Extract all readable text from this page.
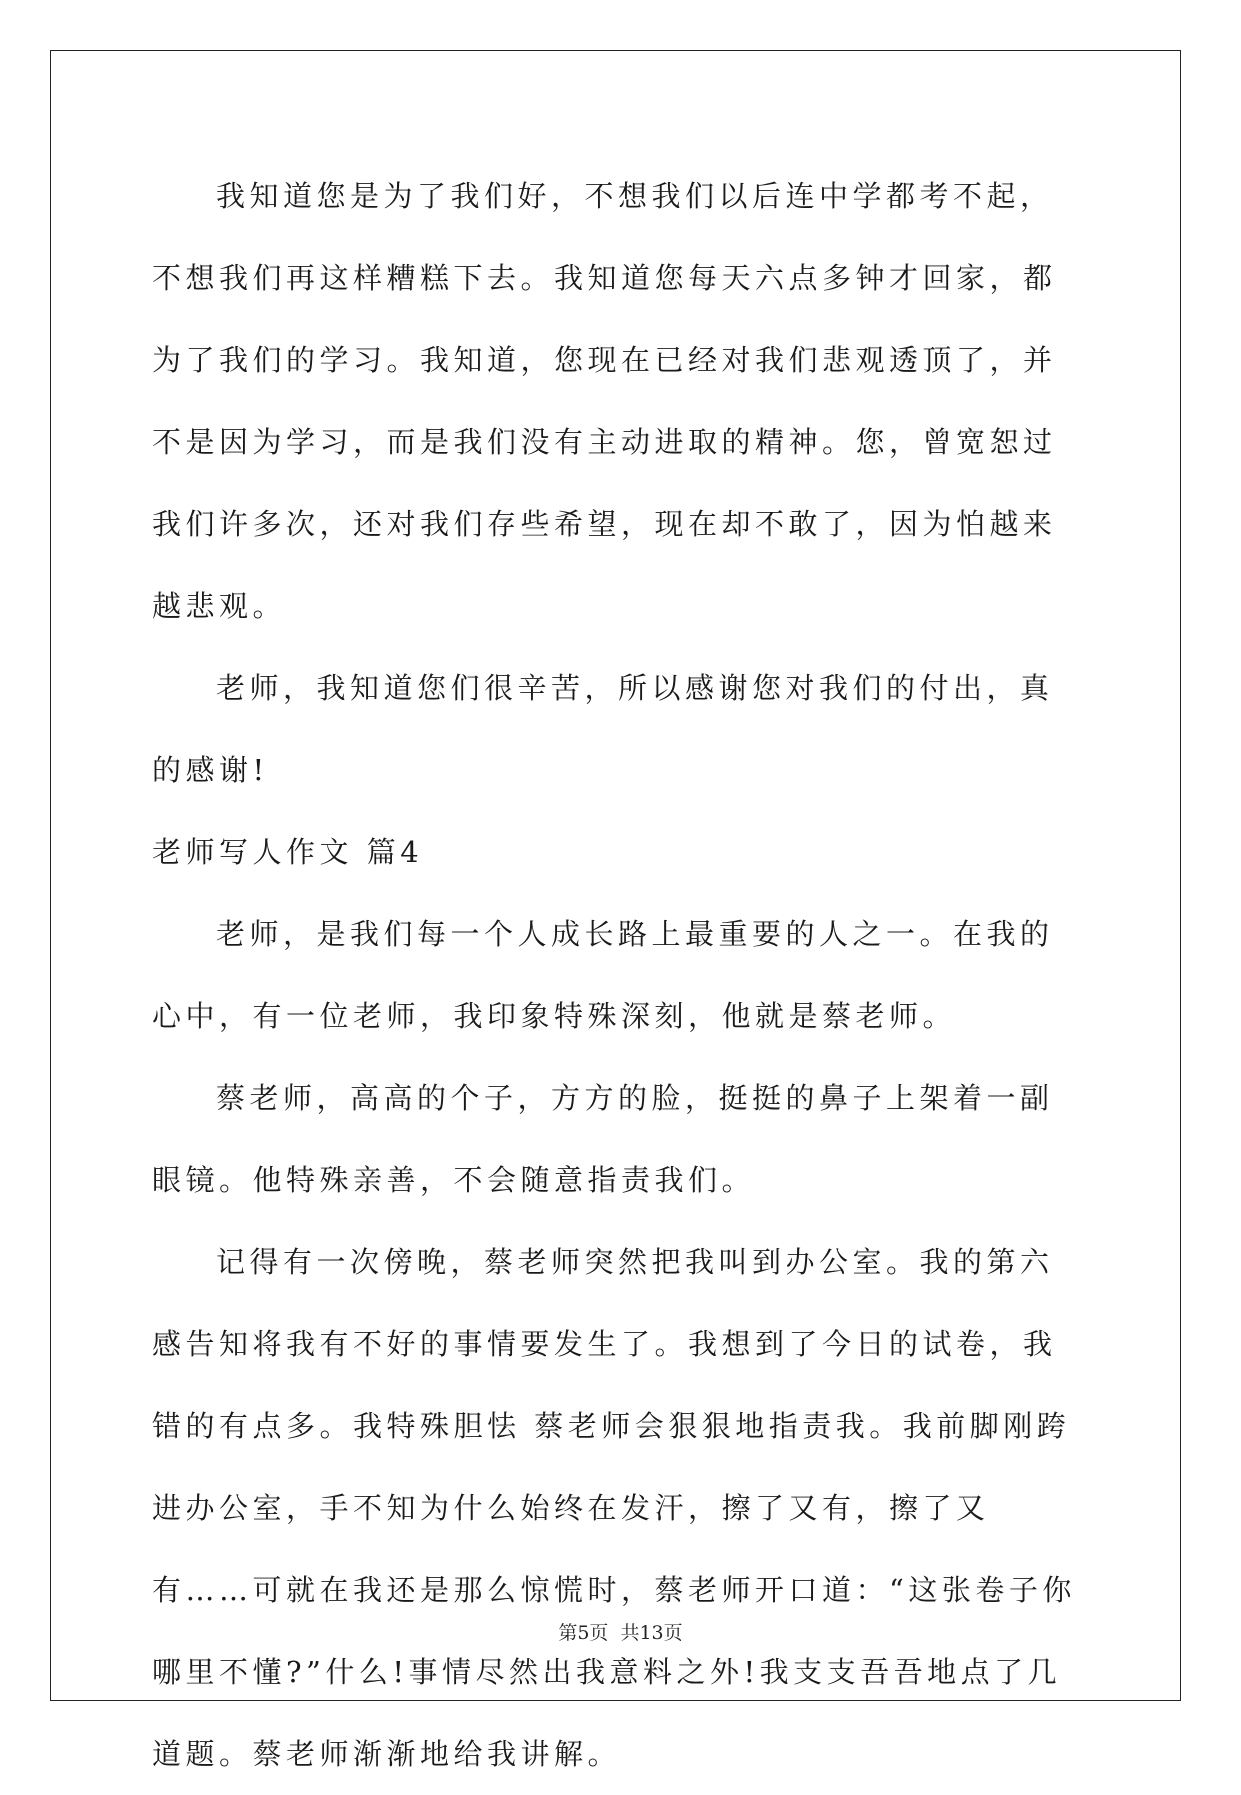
我知道您是为了我们好，不想我们以后连中学都考不起，不想我们再这样糟糕下去。我知道您每天六点多钟才回家，都为了我们的学习。我知道，您现在已经对我们悲观透顶了，并不是因为学习，而是我们没有主动进取的精神。您，曾宽恕过我们许多次，还对我们存些希望，现在却不敢了，因为怕越来越悲观。

老师，我知道您们很辛苦，所以感谢您对我们的付出，真的感谢!

老师写人作文 篇4

老师，是我们每一个人成长路上最重要的人之一。在我的心中，有一位老师，我印象特殊深刻，他就是蔡老师。

蔡老师，高高的个子，方方的脸，挺挺的鼻子上架着一副眼镜。他特殊亲善，不会随意指责我们。

记得有一次傍晚，蔡老师突然把我叫到办公室。我的第六感告知将我有不好的事情要发生了。我想到了今日的试卷，我错的有点多。我特殊胆怯 蔡老师会狠狠地指责我。我前脚刚跨进办公室，手不知为什么始终在发汗，擦了又有，擦了又有……可就在我还是那么惊慌时，蔡老师开口道：“这张卷子你哪里不懂?”什么!事情尽然出我意料之外!我支支吾吾地点了几道题。蔡老师渐渐地给我讲解。

第5页 共13页
